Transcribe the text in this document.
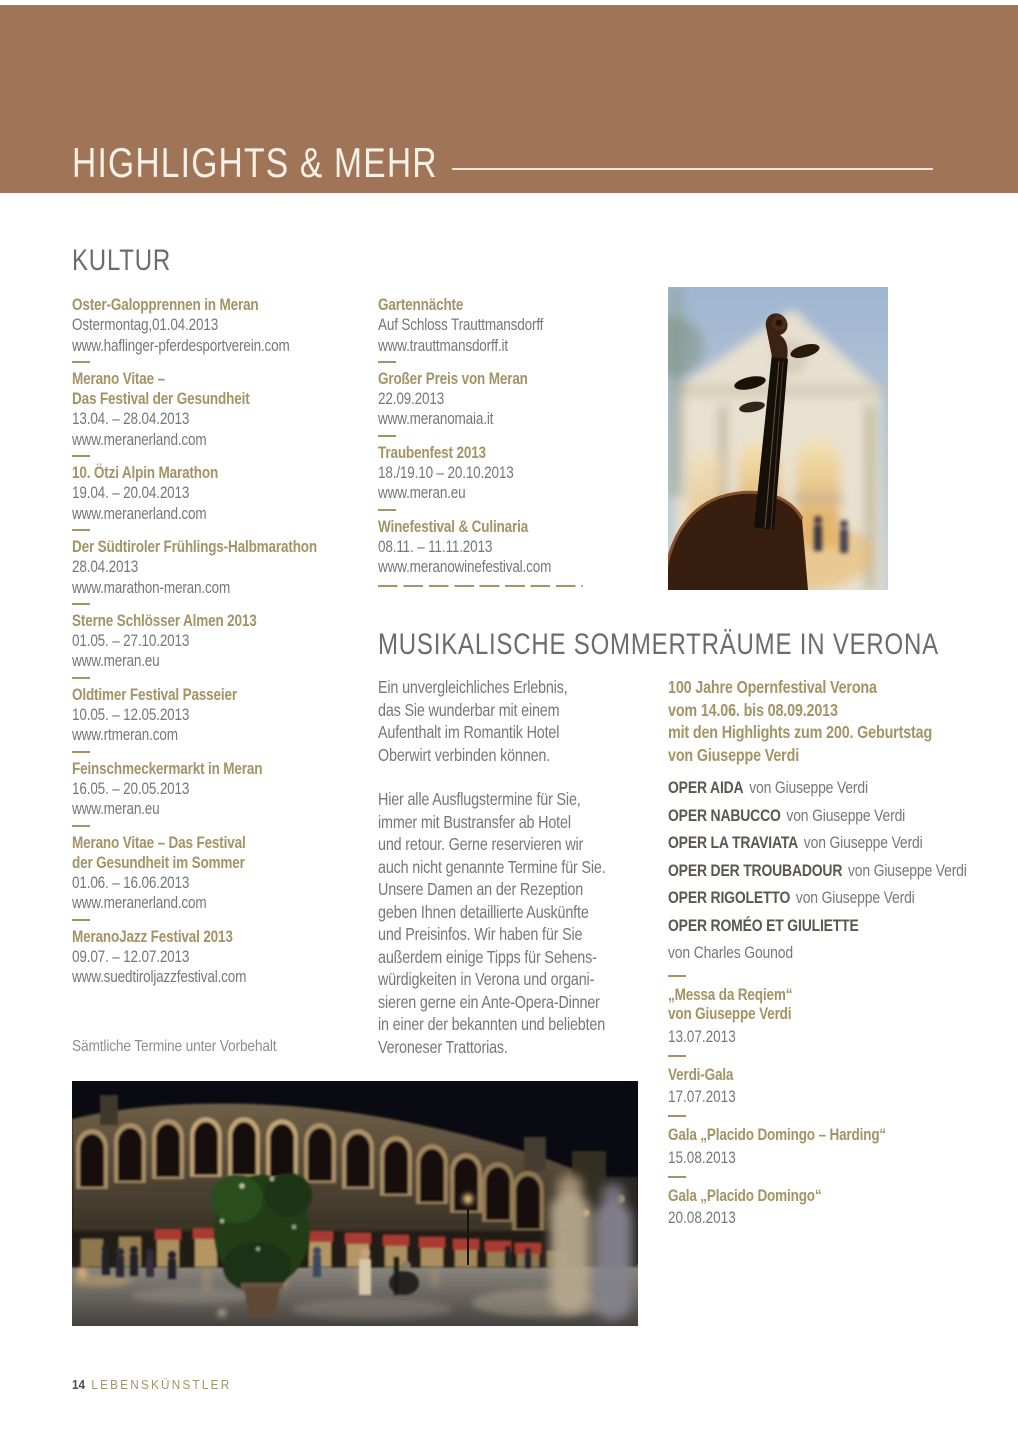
HIGHLIGHTS & MEHR
KULTUR
Oster-Galopprennen in Meran
Ostermontag,01.04.2013
www.haflinger-pferdesportverein.com
Merano Vitae –
Das Festival der Gesundheit
13.04. – 28.04.2013
www.meranerland.com
10. Ötzi Alpin Marathon
19.04. – 20.04.2013
www.meranerland.com
Der Südtiroler Frühlings-Halbmarathon
28.04.2013
www.marathon-meran.com
Sterne Schlösser Almen 2013
01.05. – 27.10.2013
www.meran.eu
Oldtimer Festival Passeier
10.05. – 12.05.2013
www.rtmeran.com
Feinschmeckermarkt in Meran
16.05. – 20.05.2013
www.meran.eu
Merano Vitae – Das Festival
der Gesundheit im Sommer
01.06. – 16.06.2013
www.meranerland.com
MeranoJazz Festival 2013
09.07. – 12.07.2013
www.suedtiroljazzfestival.com
Gartennächte
Auf Schloss Trauttmansdorff
www.trauttmansdorff.it
Großer Preis von Meran
22.09.2013
www.meranomaia.it
Traubenfest 2013
18./19.10 – 20.10.2013
www.meran.eu
Winefestival & Culinaria
08.11. – 11.11.2013
www.meranowinefestival.com
MUSIKALISCHE SOMMERTRÄUME IN VERONA
Ein unvergleichliches Erlebnis,
das Sie wunderbar mit einem
Aufenthalt im Romantik Hotel
Oberwirt verbinden können.
Hier alle Ausflugstermine für Sie,
immer mit Bustransfer ab Hotel
und retour. Gerne reservieren wir
auch nicht genannte Termine für Sie.
Unsere Damen an der Rezeption
geben Ihnen detaillierte Auskünfte
und Preisinfos. Wir haben für Sie
außerdem einige Tipps für Sehens-
würdigkeiten in Verona und organi-
sieren gerne ein Ante-Opera-Dinner
in einer der bekannten und beliebten
Veroneser Trattorias.
100 Jahre Opernfestival Verona
vom 14.06. bis 08.09.2013
mit den Highlights zum 200. Geburtstag
von Giuseppe Verdi
OPER AIDA von Giuseppe Verdi
OPER NABUCCO von Giuseppe Verdi
OPER LA TRAVIATA von Giuseppe Verdi
OPER DER TROUBADOUR von Giuseppe Verdi
OPER RIGOLETTO von Giuseppe Verdi
OPER ROMÉO ET GIULIETTE
von Charles Gounod
„Messa da Reqiem“
von Giuseppe Verdi
13.07.2013
Verdi-Gala
17.07.2013
Gala „Placido Domingo – Harding“
15.08.2013
Gala „Placido Domingo“
20.08.2013
Sämtliche Termine unter Vorbehalt
14 LEBENSKÜNSTLER
